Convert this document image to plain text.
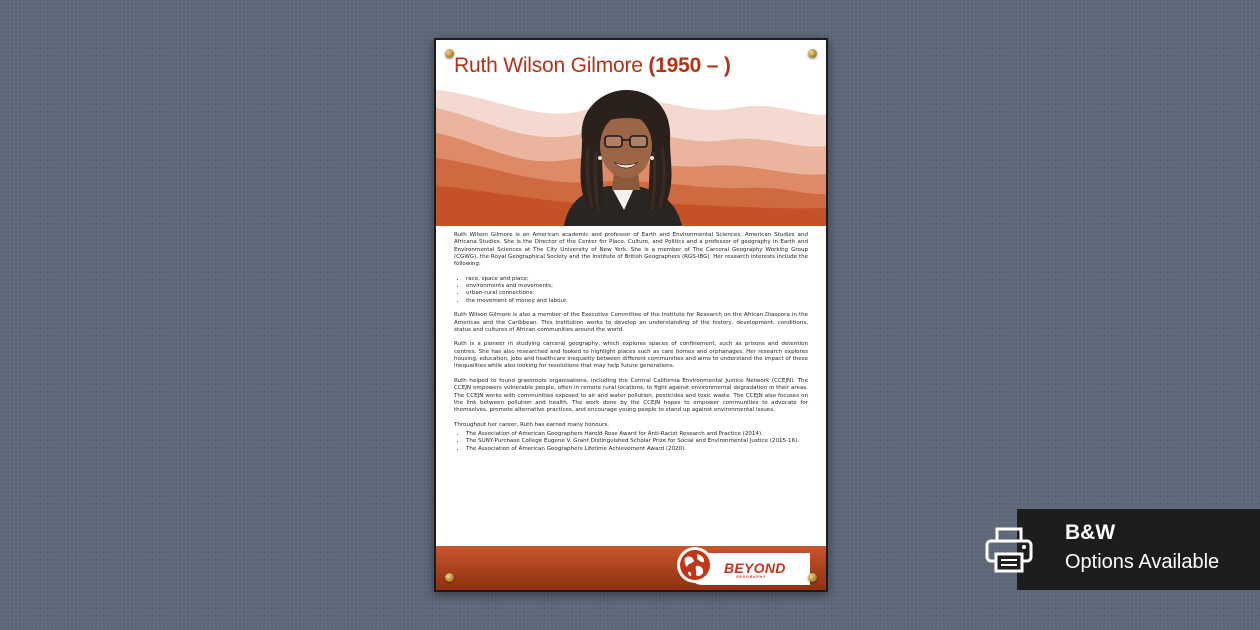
Ruth Wilson Gilmore (1950 – )

Ruth Wilson Gilmore is an American academic and professor of Earth and Environmental Sciences, American Studies and Africana Studies. She is the Director of the Center for Place, Culture, and Politics and a professor of geography in Earth and Environmental Sciences at The City University of New York. She is a member of The Carceral Geography Working Group (CGWG), the Royal Geographical Society and the Institute of British Geographers (RGS-IBG). Her research interests include the following:

• race, space and place;
• environments and movements;
• urban-rural connections;
• the movement of money and labour.

Ruth Wilson Gilmore is also a member of the Executive Committee of the Institute for Research on the African Diaspora in the Americas and the Caribbean. This institution works to develop an understanding of the history, development, conditions, status and cultures of African communities around the world.

Ruth is a pioneer in studying carceral geography, which explores spaces of confinement, such as prisons and detention centres. She has also researched and looked to highlight places such as care homes and orphanages. Her research explores housing, education, jobs and healthcare inequality between different communities and aims to understand the impact of these inequalities while also looking for resolutions that may help future generations.

Ruth helped to found grassroots organisations, including the Central California Environmental Justice Network (CCEJN). The CCEJN empowers vulnerable people, often in remote rural locations, to fight against environmental degradation in their areas. The CCEJN works with communities exposed to air and water pollution, pesticides and toxic waste. The CCEJN also focuses on the link between pollution and health. The work done by the CCEJN hopes to empower communities to advocate for themselves, promote alternative practices, and encourage young people to stand up against environmental issues.

Throughout her career, Ruth has earned many honours.

• The Association of American Geographers Harold Rose Award for Anti-Racist Research and Practice (2014).
• The SUNY-Purchase College Eugene V. Grant Distinguished Scholar Prize for Social and Environmental Justice (2015-16).
• The Association of American Geographers Lifetime Achievement Award (2020).
BEYOND
GEOGRAPHY
B&W
Options Available
